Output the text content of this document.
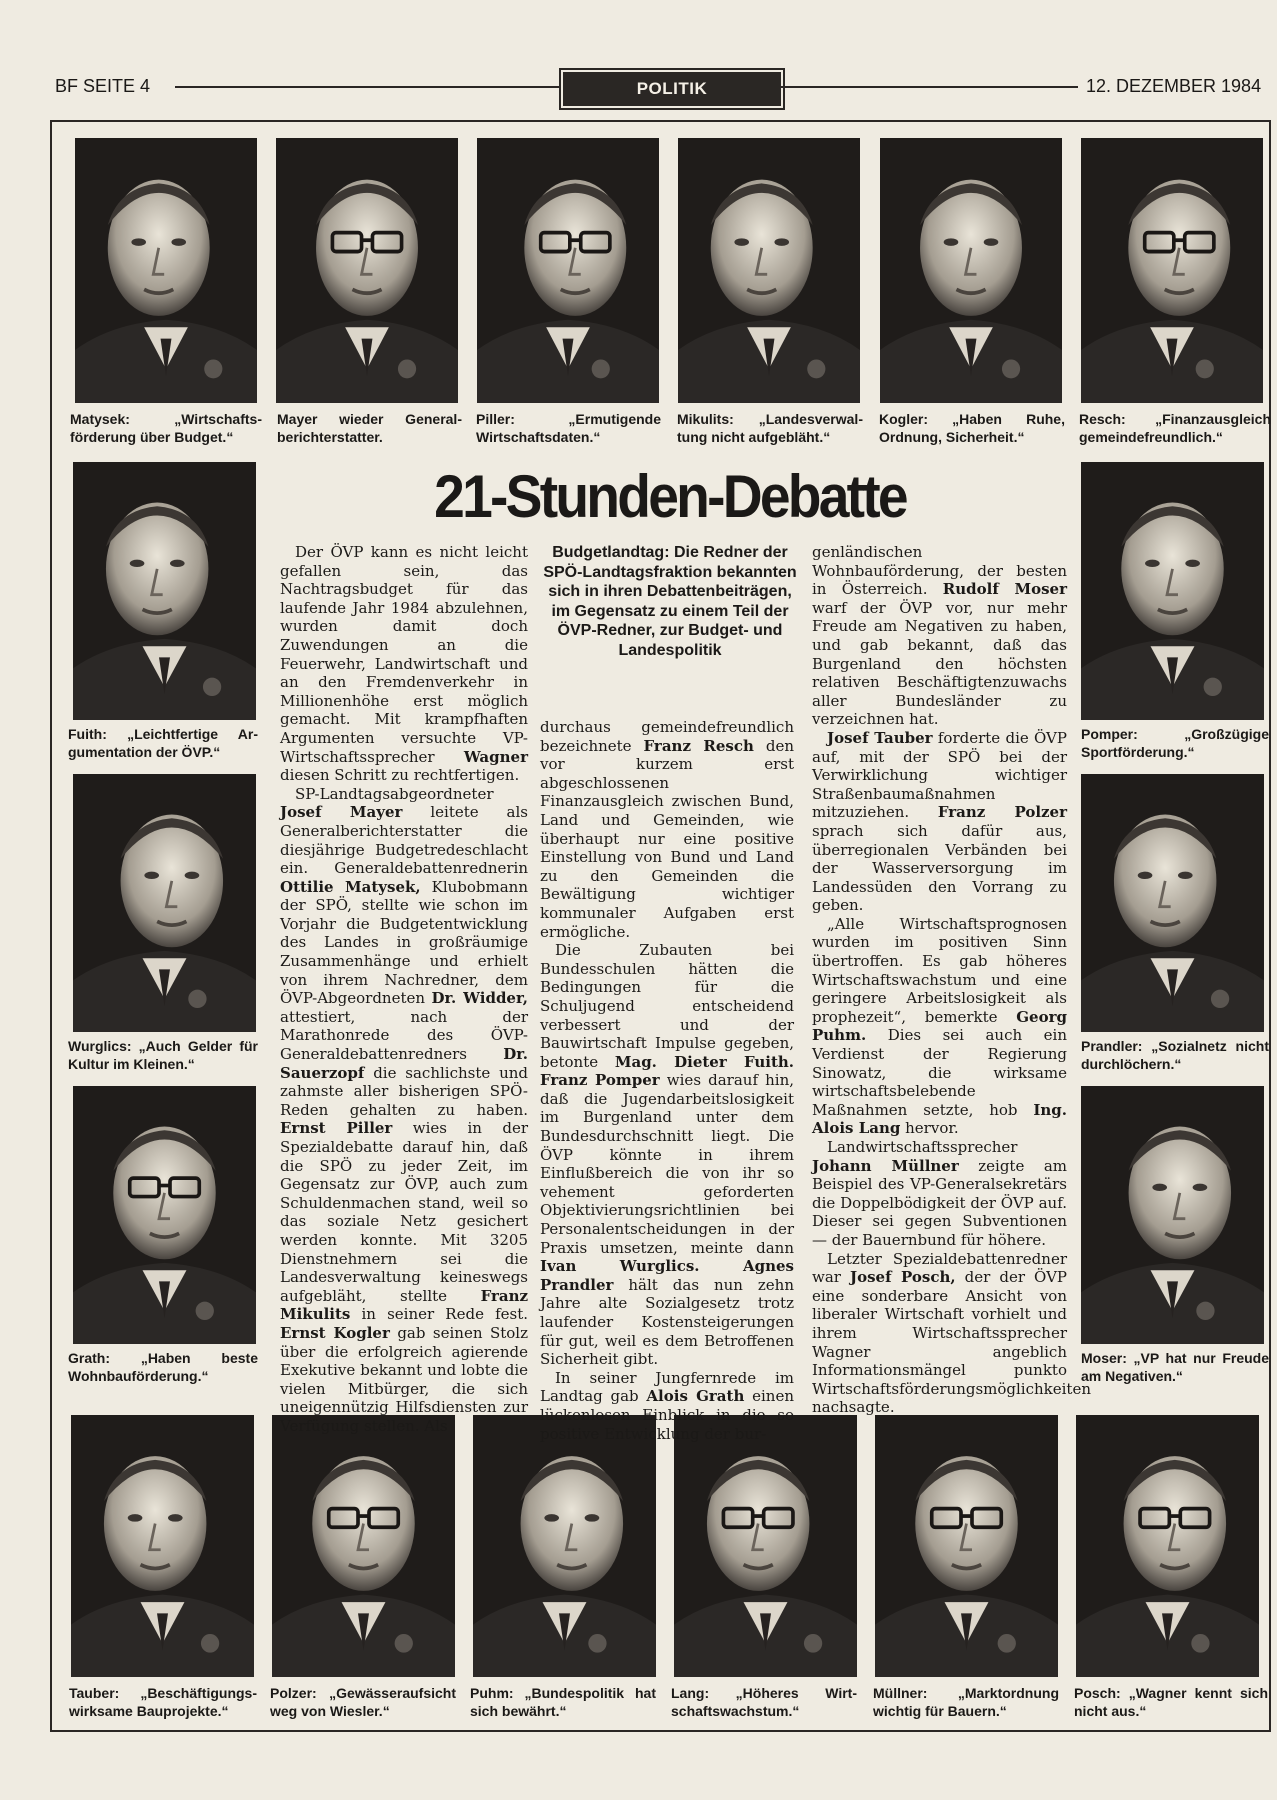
BF SEITE 4	POLITIK	12. DEZEMBER 1984
Matysek: „Wirtschaftsförderung über Budget.“
Mayer wieder Generalberichterstatter.
Piller: „Ermutigende Wirtschaftsdaten.“
Mikulits: „Landesverwaltung nicht aufgebläht.“
Kogler: „Haben Ruhe, Ordnung, Sicherheit.“
Resch: „Finanzausgleich gemeindefreundlich.“
Fuith: „Leichtfertige Argumentation der ÖVP.“
Wurglics: „Auch Gelder für Kultur im Kleinen.“
Grath: „Haben beste Wohnbauförderung.“
Pomper: „Großzügige Sportförderung.“
Prandler: „Sozialnetz nicht durchlöchern.“
Moser: „VP hat nur Freude am Negativen.“
Tauber: „Beschäftigungswirksame Bauprojekte.“
Polzer: „Gewässeraufsicht weg von Wiesler.“
Puhm: „Bundespolitik hat sich bewährt.“
Lang: „Höheres Wirtschaftswachstum.“
Müllner: „Marktordnung wichtig für Bauern.“
Posch: „Wagner kennt sich nicht aus.“
21-Stunden-Debatte
Budgetlandtag: Die Redner der SPÖ-Landtagsfraktion bekannten sich in ihren Debattenbeiträgen, im Gegensatz zu einem Teil der ÖVP-Redner, zur Budget- und Landespolitik

Der ÖVP kann es nicht leicht gefallen sein, das Nachtragsbudget für das laufende Jahr 1984 abzulehnen, wurden damit doch Zuwendungen an die Feuerwehr, Landwirtschaft und an den Fremdenverkehr in Millionenhöhe erst möglich gemacht. Mit krampfhaften Argumenten versuchte VP-Wirtschaftssprecher Wagner diesen Schritt zu rechtfertigen.

SP-Landtagsabgeordneter Josef Mayer leitete als Generalberichterstatter die diesjährige Budgetredeschlacht ein. Generaldebattenrednerin Ottilie Matysek, Klubobmann der SPÖ, stellte wie schon im Vorjahr die Budgetentwicklung des Landes in großräumige Zusammenhänge und erhielt von ihrem Nachredner, dem ÖVP-Abgeordneten Dr. Widder, attestiert, nach der Marathonrede des ÖVP-Generaldebattenredners Dr. Sauerzopf die sachlichste und zahmste aller bisherigen SPÖ-Reden gehalten zu haben. Ernst Piller wies in der Spezialdebatte darauf hin, daß die SPÖ zu jeder Zeit, im Gegensatz zur ÖVP, auch zum Schuldenmachen stand, weil so das soziale Netz gesichert werden konnte. Mit 3205 Dienstnehmern sei die Landesverwaltung keineswegs aufgebläht, stellte Franz Mikulits in seiner Rede fest. Ernst Kogler gab seinen Stolz über die erfolgreich agierende Exekutive bekannt und lobte die vielen Mitbürger, die sich uneigennützig Hilfsdiensten zur Verfügung stellen. Als

durchaus gemeindefreundlich bezeichnete Franz Resch den vor kurzem erst abgeschlossenen Finanzausgleich zwischen Bund, Land und Gemeinden, wie überhaupt nur eine positive Einstellung von Bund und Land zu den Gemeinden die Bewältigung wichtiger kommunaler Aufgaben erst ermögliche.

Die Zubauten bei Bundesschulen hätten die Bedingungen für die Schuljugend entscheidend verbessert und der Bauwirtschaft Impulse gegeben, betonte Mag. Dieter Fuith. Franz Pomper wies darauf hin, daß die Jugendarbeitslosigkeit im Burgenland unter dem Bundesdurchschnitt liegt. Die ÖVP könnte in ihrem Einflußbereich die von ihr so vehement geforderten Objektivierungsrichtlinien bei Personalentscheidungen in der Praxis umsetzen, meinte dann Ivan Wurglics. Agnes Prandler hält das nun zehn Jahre alte Sozialgesetz trotz laufender Kostensteigerungen für gut, weil es dem Betroffenen Sicherheit gibt.

In seiner Jungfernrede im Landtag gab Alois Grath einen lückenlosen Einblick in die so positive Entwicklung der bur-

genländischen Wohnbauförderung, der besten in Österreich. Rudolf Moser warf der ÖVP vor, nur mehr Freude am Negativen zu haben, und gab bekannt, daß das Burgenland den höchsten relativen Beschäftigtenzuwachs aller Bundesländer zu verzeichnen hat.

Josef Tauber forderte die ÖVP auf, mit der SPÖ bei der Verwirklichung wichtiger Straßenbaumaßnahmen mitzuziehen. Franz Polzer sprach sich dafür aus, überregionalen Verbänden bei der Wasserversorgung im Landessüden den Vorrang zu geben.

„Alle Wirtschaftsprognosen wurden im positiven Sinn übertroffen. Es gab höheres Wirtschaftswachstum und eine geringere Arbeitslosigkeit als prophezeit“, bemerkte Georg Puhm. Dies sei auch ein Verdienst der Regierung Sinowatz, die wirksame wirtschaftsbelebende Maßnahmen setzte, hob Ing. Alois Lang hervor.

Landwirtschaftssprecher Johann Müllner zeigte am Beispiel des VP-Generalsekretärs die Doppelbödigkeit der ÖVP auf. Dieser sei gegen Subventionen — der Bauernbund für höhere.

Letzter Spezialdebattenredner war Josef Posch, der der ÖVP eine sonderbare Ansicht von liberaler Wirtschaft vorhielt und ihrem Wirtschaftssprecher Wagner angeblich Informationsmängel punkto Wirtschaftsförderungsmöglichkeiten nachsagte.
